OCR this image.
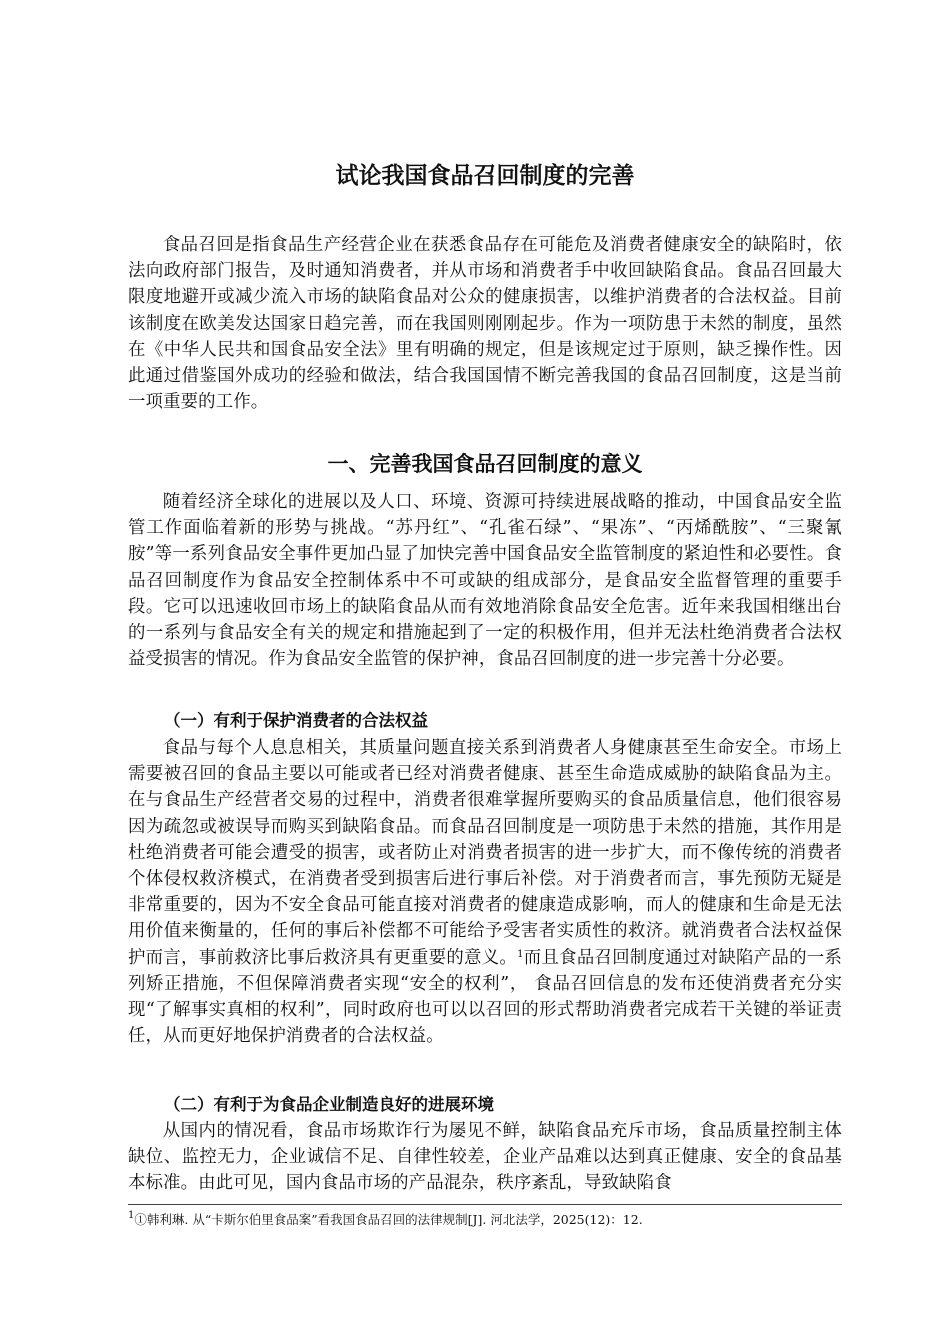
试论我国食品召回制度的完善

食品召回是指食品生产经营企业在获悉食品存在可能危及消费者健康安全的缺陷时，依法向政府部门报告，及时通知消费者，并从市场和消费者手中收回缺陷食品。食品召回最大限度地避开或减少流入市场的缺陷食品对公众的健康损害，以维护消费者的合法权益。目前该制度在欧美发达国家日趋完善，而在我国则刚刚起步。作为一项防患于未然的制度，虽然在《中华人民共和国食品安全法》里有明确的规定，但是该规定过于原则，缺乏操作性。因此通过借鉴国外成功的经验和做法，结合我国国情不断完善我国的食品召回制度，这是当前一项重要的工作。

一、完善我国食品召回制度的意义

随着经济全球化的进展以及人口、环境、资源可持续进展战略的推动，中国食品安全监管工作面临着新的形势与挑战。“苏丹红”、“孔雀石绿”、“果冻”、“丙烯酰胺”、“三聚氰胺”等一系列食品安全事件更加凸显了加快完善中国食品安全监管制度的紧迫性和必要性。食品召回制度作为食品安全控制体系中不可或缺的组成部分，是食品安全监督管理的重要手段。它可以迅速收回市场上的缺陷食品从而有效地消除食品安全危害。近年来我国相继出台的一系列与食品安全有关的规定和措施起到了一定的积极作用，但并无法杜绝消费者合法权益受损害的情况。作为食品安全监管的保护神，食品召回制度的进一步完善十分必要。

（一）有利于保护消费者的合法权益

食品与每个人息息相关，其质量问题直接关系到消费者人身健康甚至生命安全。市场上需要被召回的食品主要以可能或者已经对消费者健康、甚至生命造成威胁的缺陷食品为主。在与食品生产经营者交易的过程中，消费者很难掌握所要购买的食品质量信息，他们很容易因为疏忽或被误导而购买到缺陷食品。而食品召回制度是一项防患于未然的措施，其作用是杜绝消费者可能会遭受的损害，或者防止对消费者损害的进一步扩大，而不像传统的消费者个体侵权救济模式，在消费者受到损害后进行事后补偿。对于消费者而言，事先预防无疑是非常重要的，因为不安全食品可能直接对消费者的健康造成影响，而人的健康和生命是无法用价值来衡量的，任何的事后补偿都不可能给予受害者实质性的救济。就消费者合法权益保护而言，事前救济比事后救济具有更重要的意义。$^1$而且食品召回制度通过对缺陷产品的一系列矫正措施，不但保障消费者实现“安全的权利”， 食品召回信息的发布还使消费者充分实现“了解事实真相的权利”，同时政府也可以以召回的形式帮助消费者完成若干关键的举证责任，从而更好地保护消费者的合法权益。

（二）有利于为食品企业制造良好的进展环境

从国内的情况看，食品市场欺诈行为屡见不鲜，缺陷食品充斥市场，食品质量控制主体缺位、监控无力，企业诚信不足、自律性较差，企业产品难以达到真正健康、安全的食品基本标准。由此可见，国内食品市场的产品混杂，秩序紊乱，导致缺陷食

$^1$①韩利琳. 从“卡斯尔伯里食品案”看我国食品召回的法律规制[J]. 河北法学，2025(12)：12.
